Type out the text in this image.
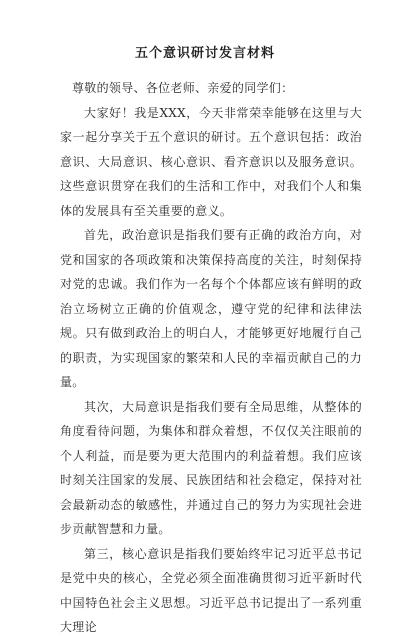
五个意识研讨发言材料

尊敬的领导、各位老师、亲爱的同学们：

大家好！我是XXX，今天非常荣幸能够在这里与大家一起分享关于五个意识的研讨。五个意识包括：政治意识、大局意识、核心意识、看齐意识以及服务意识。这些意识贯穿在我们的生活和工作中，对我们个人和集体的发展具有至关重要的意义。

首先，政治意识是指我们要有正确的政治方向，对党和国家的各项政策和决策保持高度的关注，时刻保持对党的忠诚。我们作为一名每个个体都应该有鲜明的政治立场树立正确的价值观念，遵守党的纪律和法律法规。只有做到政治上的明白人，才能够更好地履行自己的职责，为实现国家的繁荣和人民的幸福贡献自己的力量。

其次，大局意识是指我们要有全局思维，从整体的角度看待问题，为集体和群众着想，不仅仅关注眼前的个人利益，而是要为更大范围内的利益着想。我们应该时刻关注国家的发展、民族团结和社会稳定，保持对社会最新动态的敏感性，并通过自己的努力为实现社会进步贡献智慧和力量。

第三，核心意识是指我们要始终牢记习近平总书记是党中央的核心，全党必须全面准确贯彻习近平新时代中国特色社会主义思想。习近平总书记提出了一系列重大理论
